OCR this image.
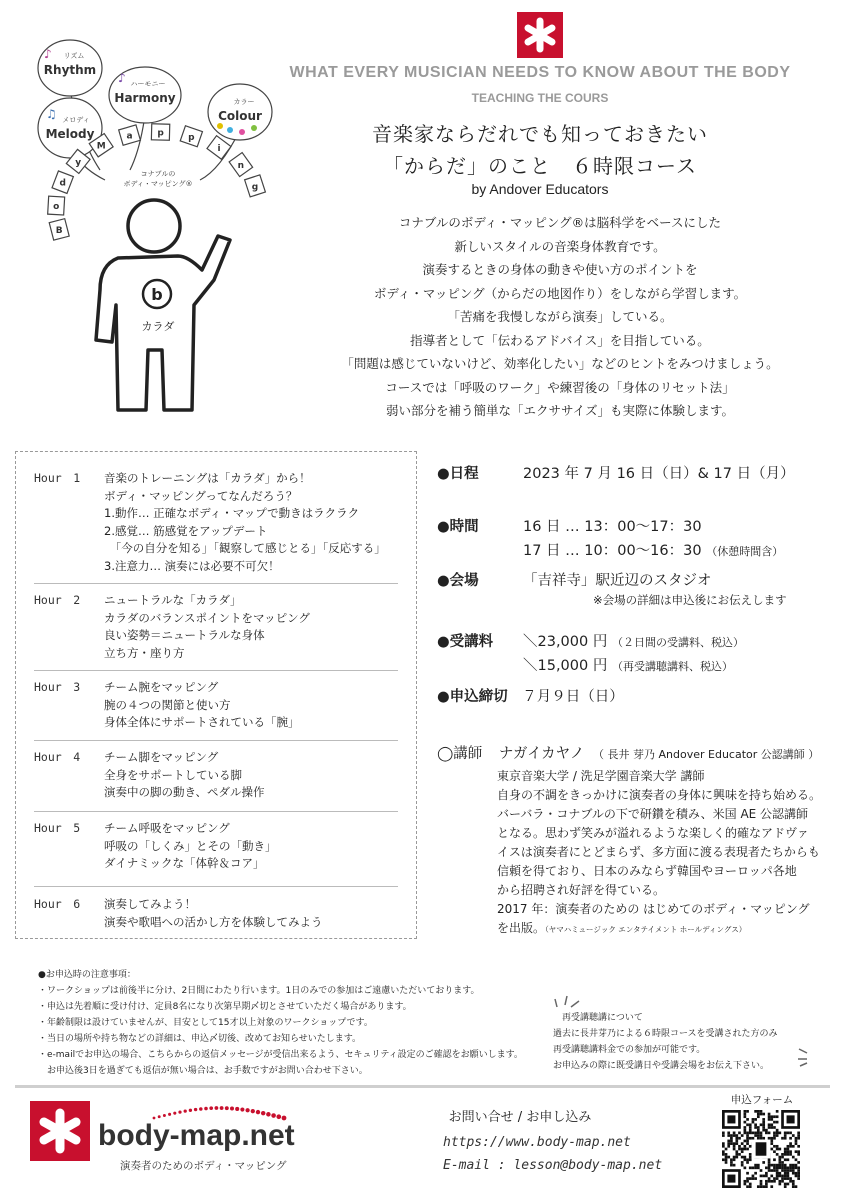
WHAT EVERY MUSICIAN NEEDS TO KNOW ABOUT THE BODY
TEACHING THE COURS
音楽家ならだれでも知っておきたい
「からだ」のこと　６時限コース
by Andover Educators
リズム
Rhythm
ハーモニー
Harmony
メロディ
Melody
カラー
Colour
♪
♫
♪
B
o
d
y
M
a	p	p
i
n
g
コナブルの
ボディ・マッピング®
b
カラダ
コナブルのボディ・マッピング®は脳科学をベースにした
新しいスタイルの音楽身体教育です。
演奏するときの身体の動きや使い方のポイントを
ボディ・マッピング（からだの地図作り）をしながら学習します。
「苦痛を我慢しながら演奏」している。
指導者として「伝わるアドバイス」を目指している。
「問題は感じていないけど、効率化したい」などのヒントをみつけましょう。
コースでは「呼吸のワーク」や練習後の「身体のリセット法」
弱い部分を補う簡単な「エクササイズ」も実際に体験します。
Hour　1 音楽のトレーニングは「カラダ」から！
ボディ・マッピングってなんだろう？
1.動作… 正確なボディ・マップで動きはラクラク
2.感覚… 筋感覚をアップデート
　「今の自分を知る」「観察して感じとる」「反応する」
3.注意力… 演奏には必要不可欠！
Hour　2 ニュートラルな「カラダ」
カラダのバランスポイントをマッピング
良い姿勢＝ニュートラルな身体
立ち方・座り方
Hour　3 チーム腕をマッピング
腕の４つの関節と使い方
身体全体にサポートされている「腕」
Hour　4 チーム脚をマッピング
全身をサポートしている脚
演奏中の脚の動き、ペダル操作
Hour　5 チーム呼吸をマッピング
呼吸の「しくみ」とその「動き」
ダイナミックな「体幹＆コア」
Hour　6 演奏してみよう！
演奏や歌唱への活かし方を体験してみよう
●日程	2023 年 7 月 16 日（日）& 17 日（月）
●時間	16 日 … 13：00〜17：30
17 日 … 10：00〜16：30 （休憩時間含）
●会場	「吉祥寺」駅近辺のスタジオ
※会場の詳細は申込後にお伝えします
●受講料 ＼23,000 円 （２日間の受講料、税込）
＼15,000 円 （再受講聴講料、税込）
●申込締切 ７月９日（日）
◯講師 ナガイカヤノ （ 長井 芽乃 Andover Educator 公認講師 ）
東京音楽大学 / 洗足学園音楽大学 講師
自身の不調をきっかけに演奏者の身体に興味を持ち始める。
バーバラ・コナブルの下で研鑽を積み、米国 AE 公認講師
となる。思わず笑みが溢れるような楽しく的確なアドヴァ
イスは演奏者にとどまらず、多方面に渡る表現者たちからも
信頼を得ており、日本のみならず韓国やヨーロッパ各地
から招聘され好評を得ている。
2017 年：演奏者のための はじめてのボディ・マッピング
を出版。（ヤマハミュージック エンタテイメント ホールディングス）
●お申込時の注意事項：
・ワークショップは前後半に分け、2日間にわたり行います。1日のみでの参加はご遠慮いただいております。
・申込は先着順に受け付け、定員8名になり次第早期〆切とさせていただく場合があります。
・年齢制限は設けていませんが、目安として15才以上対象のワークショップです。
・当日の場所や持ち物などの詳細は、申込〆切後、改めてお知らせいたします。
・e-mailでお申込の場合、こちらからの返信メッセージが受信出来るよう、セキュリティ設定のご確認をお願いします。
　お申込後3日を過ぎても返信が無い場合は、お手数ですがお問い合わせ下さい。
　再受講聴講について
過去に長井芽乃による６時限コースを受講された方のみ
再受講聴講料金での参加が可能です。
お申込みの際に既受講日や受講会場をお伝え下さい。
body-map.net
演奏者のためのボディ・マッピング
お問い合せ / お申し込み
https://www.body-map.net
E-mail : lesson@body-map.net
申込フォーム
